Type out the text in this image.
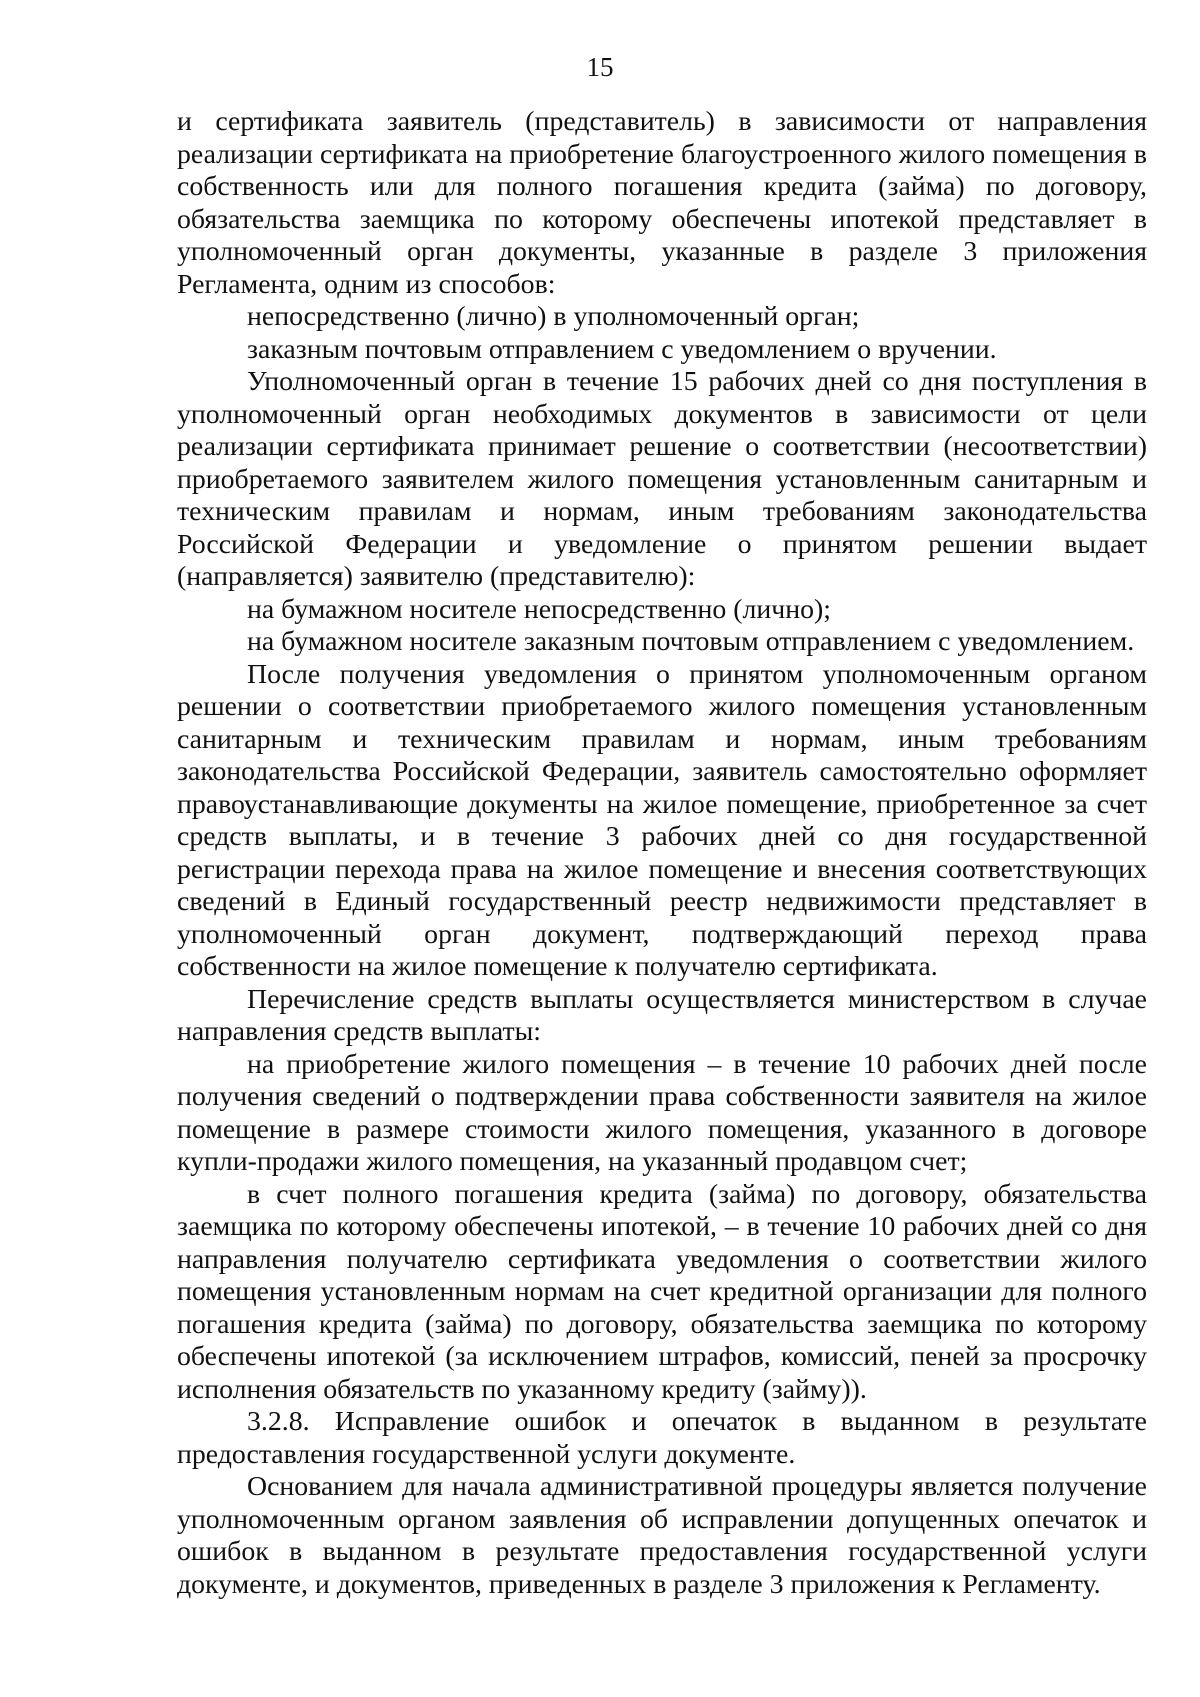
15

и сертификата заявитель (представитель) в зависимости от направления реализации сертификата на приобретение благоустроенного жилого помещения в собственность или для полного погашения кредита (займа) по договору, обязательства заемщика по которому обеспечены ипотекой представляет в уполномоченный орган документы, указанные в разделе 3 приложения Регламента, одним из способов:

непосредственно (лично) в уполномоченный орган;

заказным почтовым отправлением с уведомлением о вручении.

Уполномоченный орган в течение 15 рабочих дней со дня поступления в уполномоченный орган необходимых документов в зависимости от цели реализации сертификата принимает решение о соответствии (несоответствии) приобретаемого заявителем жилого помещения установленным санитарным и техническим правилам и нормам, иным требованиям законодательства Российской Федерации и уведомление о принятом решении выдает (направляется) заявителю (представителю):

на бумажном носителе непосредственно (лично);

на бумажном носителе заказным почтовым отправлением с уведомлением.

После получения уведомления о принятом уполномоченным органом решении о соответствии приобретаемого жилого помещения установленным санитарным и техническим правилам и нормам, иным требованиям законодательства Российской Федерации, заявитель самостоятельно оформляет правоустанавливающие документы на жилое помещение, приобретенное за счет средств выплаты, и в течение 3 рабочих дней со дня государственной регистрации перехода права на жилое помещение и внесения соответствующих сведений в Единый государственный реестр недвижимости представляет в уполномоченный орган документ, подтверждающий переход права собственности на жилое помещение к получателю сертификата.

Перечисление средств выплаты осуществляется министерством в случае направления средств выплаты:

на приобретение жилого помещения – в течение 10 рабочих дней после получения сведений о подтверждении права собственности заявителя на жилое помещение в размере стоимости жилого помещения, указанного в договоре купли-продажи жилого помещения, на указанный продавцом счет;

в счет полного погашения кредита (займа) по договору, обязательства заемщика по которому обеспечены ипотекой, – в течение 10 рабочих дней со дня направления получателю сертификата уведомления о соответствии жилого помещения установленным нормам на счет кредитной организации для полного погашения кредита (займа) по договору, обязательства заемщика по которому обеспечены ипотекой (за исключением штрафов, комиссий, пеней за просрочку исполнения обязательств по указанному кредиту (займу)).

3.2.8. Исправление ошибок и опечаток в выданном в результате предоставления государственной услуги документе.

Основанием для начала административной процедуры является получение уполномоченным органом заявления об исправлении допущенных опечаток и ошибок в выданном в результате предоставления государственной услуги документе, и документов, приведенных в разделе 3 приложения к Регламенту.
